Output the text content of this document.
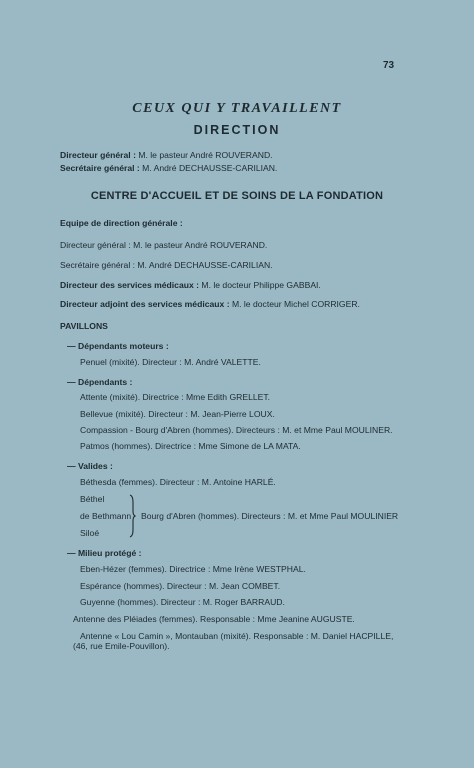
73
CEUX QUI Y TRAVAILLENT
DIRECTION
Directeur général : M. le pasteur André ROUVERAND.
Secrétaire général : M. André DECHAUSSE-CARILIAN.
CENTRE D'ACCUEIL ET DE SOINS DE LA FONDATION
Equipe de direction générale :
Directeur général : M. le pasteur André ROUVERAND.
Secrétaire général : M. André DECHAUSSE-CARILIAN.
Directeur des services médicaux : M. le docteur Philippe GABBAI.
Directeur adjoint des services médicaux : M. le docteur Michel CORRIGER.
PAVILLONS
— Dépendants moteurs :
Penuel (mixité). Directeur : M. André VALETTE.
— Dépendants :
Attente (mixité). Directrice : Mme Edith GRELLET.
Bellevue (mixité). Directeur : M. Jean-Pierre LOUX.
Compassion - Bourg d'Abren (hommes). Directeurs : M. et Mme Paul MOULINER.
Patmos (hommes). Directrice : Mme Simone de LA MATA.
— Valides :
Béthesda (femmes). Directeur : M. Antoine HARLÉ.
Béthel
de Bethmann
Siloé
Bourg d'Abren (hommes). Directeurs : M. et Mme Paul MOULINIER
— Milieu protégé :
Eben-Hézer (femmes). Directrice : Mme Irène WESTPHAL.
Espérance (hommes). Directeur : M. Jean COMBET.
Guyenne (hommes). Directeur : M. Roger BARRAUD.
Antenne des Pléiades (femmes). Responsable : Mme Jeanine AUGUSTE.
Antenne « Lou Camin », Montauban (mixité). Responsable : M. Daniel HACPILLE,
(46, rue Emile-Pouvillon).
